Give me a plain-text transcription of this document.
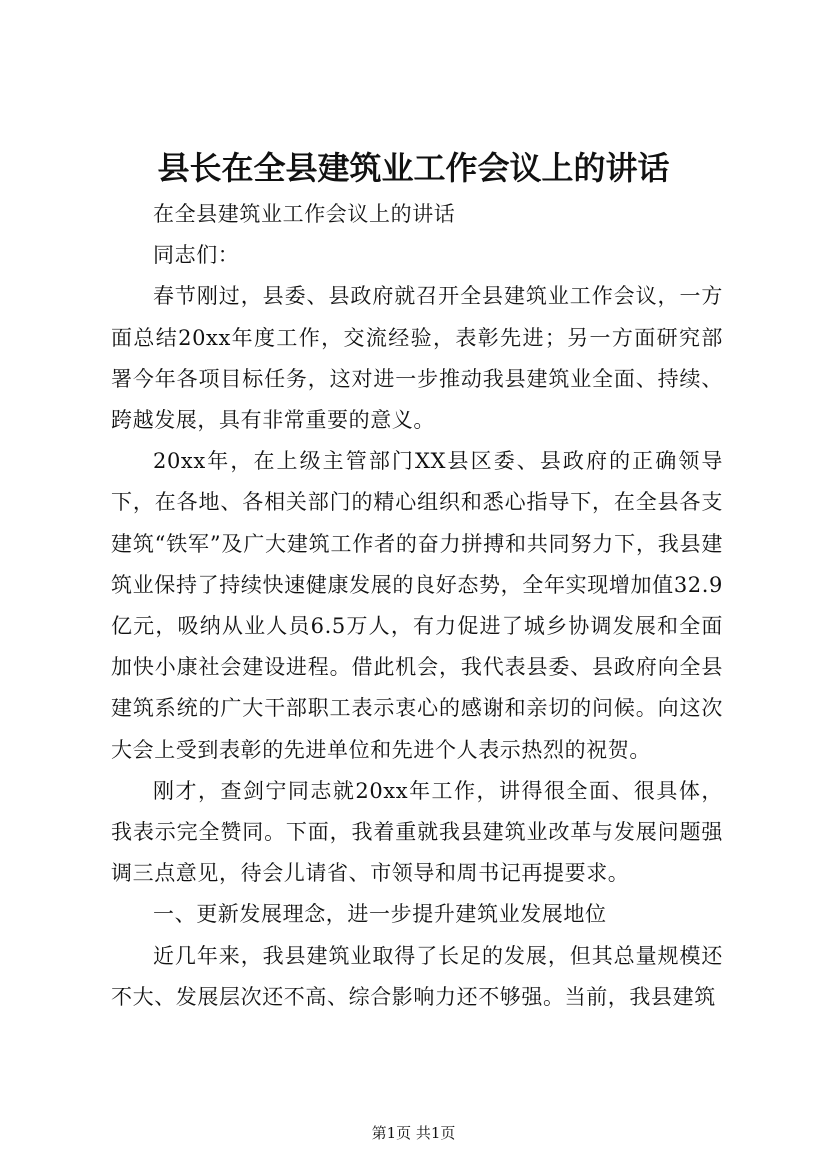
县长在全县建筑业工作会议上的讲话

在全县建筑业工作会议上的讲话

同志们：

春节刚过，县委、县政府就召开全县建筑业工作会议，一方面总结20xx年度工作，交流经验，表彰先进；另一方面研究部署今年各项目标任务，这对进一步推动我县建筑业全面、持续、跨越发展，具有非常重要的意义。

20xx年，在上级主管部门XX县区委、县政府的正确领导下，在各地、各相关部门的精心组织和悉心指导下，在全县各支建筑“铁军”及广大建筑工作者的奋力拼搏和共同努力下，我县建筑业保持了持续快速健康发展的良好态势，全年实现增加值32.9亿元，吸纳从业人员6.5万人，有力促进了城乡协调发展和全面加快小康社会建设进程。借此机会，我代表县委、县政府向全县建筑系统的广大干部职工表示衷心的感谢和亲切的问候。向这次大会上受到表彰的先进单位和先进个人表示热烈的祝贺。

刚才，查剑宁同志就20xx年工作，讲得很全面、很具体，我表示完全赞同。下面，我着重就我县建筑业改革与发展问题强调三点意见，待会儿请省、市领导和周书记再提要求。

一、更新发展理念，进一步提升建筑业发展地位

近几年来，我县建筑业取得了长足的发展，但其总量规模还不大、发展层次还不高、综合影响力还不够强。当前，我县建筑

第1页 共1页
